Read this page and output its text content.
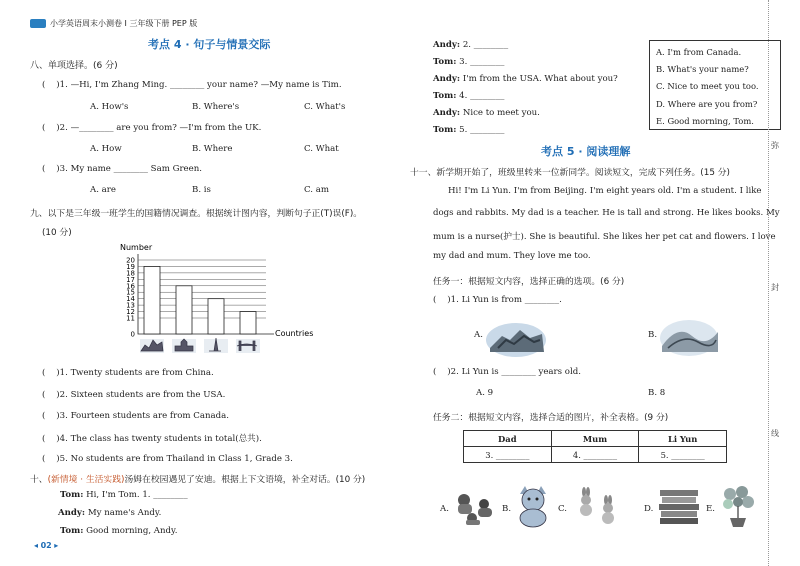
小学英语周末小测卷 I 三年级下册 PEP 版
考点 4 · 句子与情景交际
八、单项选择。(6 分)
(    )1. —Hi, I'm Zhang Ming. ________ your name? —My name is Tim.
A. How's	B. Where's	C. What's
(    )2. —________ are you from? —I'm from the UK.
A. How	B. Where	C. What
(    )3. My name ________ Sam Green.
A. are	B. is	C. am
九、以下是三年级一班学生的国籍情况调查。根据统计图内容，判断句子正(T)误(F)。
(10 分)
Number
Countries
0
11
12
13
14
15
16
17
18
19
20
(    )1. Twenty students are from China.
(    )2. Sixteen students are from the USA.
(    )3. Fourteen students are from Canada.
(    )4. The class has twenty students in total(总共).
(    )5. No students are from Thailand in Class 1, Grade 3.
十、(新情境 · 生活实践)汤姆在校园遇见了安迪。根据上下文语境，补全对话。(10 分)
Tom: Hi, I'm Tom. 1. ________
Andy: My name's Andy.
Tom: Good morning, Andy.
◂ 02 ▸
Andy: 2. ________
Tom: 3. ________
Andy: I'm from the USA. What about you?
Tom: 4. ________
Andy: Nice to meet you.
Tom: 5. ________
A. I'm from Canada.
B. What's your name?
C. Nice to meet you too.
D. Where are you from?
E. Good morning, Tom.
考点 5 · 阅读理解
十一、新学期开始了，班级里转来一位新同学。阅读短文，完成下列任务。(15 分)
Hi! I'm Li Yun. I'm from Beijing. I'm eight years old. I'm a student. I like
dogs and rabbits. My dad is a teacher. He is tall and strong. He likes books. My
mum is a nurse(护士). She is beautiful. She likes her pet cat and flowers. I love
my dad and mum. They love me too.
任务一：根据短文内容，选择正确的选项。(6 分)
(    )1. Li Yun is from ________.
A.	B.
(    )2. Li Yun is ________ years old.
A. 9	B. 8
任务二：根据短文内容，选择合适的图片，补全表格。(9 分)
Dad	Mum	Li Yun
3. ________	4. ________	5. ________
A.	B.	C.	D.	E.
弥
封
线
